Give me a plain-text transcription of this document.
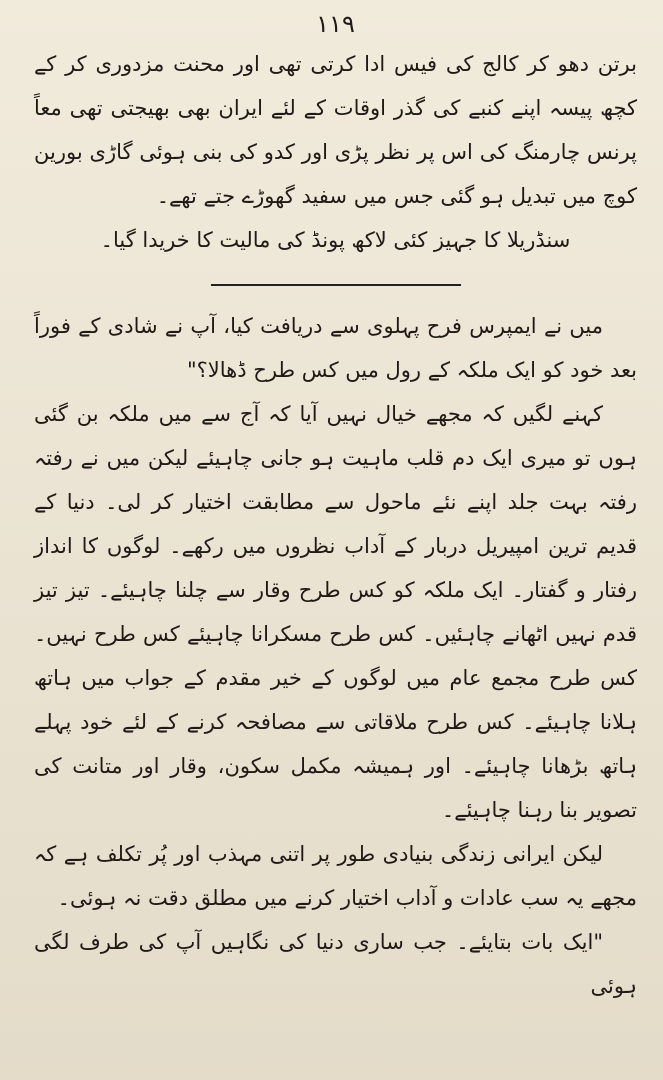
۱۱۹

برتن دھو کر کالج کی فیس ادا کرتی تھی اور محنت مزدوری کر کے کچھ پیسہ اپنے کنبے کی گذر اوقات کے لئے ایران بھی بھیجتی تھی معاً پرنس چارمنگ کی اس پر نظر پڑی اور کدو کی بنی ہوئی گاڑی بورین کوچ میں تبدیل ہو گئی جس میں سفید گھوڑے جتے تھے۔

سنڈریلا کا جہیز کئی لاکھ پونڈ کی مالیت کا خریدا گیا۔

میں نے ایمپرس فرح پہلوی سے دریافت کیا، آپ نے شادی کے فوراً بعد خود کو ایک ملکہ کے رول میں کس طرح ڈھالا؟"

کہنے لگیں کہ مجھے خیال نہیں آیا کہ آج سے میں ملکہ بن گئی ہوں تو میری ایک دم قلب ماہیت ہو جانی چاہیئے لیکن میں نے رفتہ رفتہ بہت جلد اپنے نئے ماحول سے مطابقت اختیار کر لی۔ دنیا کے قدیم ترین امپیریل دربار کے آداب نظروں میں رکھے۔ لوگوں کا انداز رفتار و گفتار۔ ایک ملکہ کو کس طرح وقار سے چلنا چاہیئے۔ تیز تیز قدم نہیں اٹھانے چاہئیں۔ کس طرح مسکرانا چاہیئے کس طرح نہیں۔ کس طرح مجمع عام میں لوگوں کے خیر مقدم کے جواب میں ہاتھ ہلانا چاہیئے۔ کس طرح ملاقاتی سے مصافحہ کرنے کے لئے خود پہلے ہاتھ بڑھانا چاہیئے۔ اور ہمیشہ مکمل سکون، وقار اور متانت کی تصویر بنا رہنا چاہیئے۔

لیکن ایرانی زندگی بنیادی طور پر اتنی مہذب اور پُر تکلف ہے کہ مجھے یہ سب عادات و آداب اختیار کرنے میں مطلق دقت نہ ہوئی۔

"ایک بات بتایئے۔ جب ساری دنیا کی نگاہیں آپ کی طرف لگی ہوئی
